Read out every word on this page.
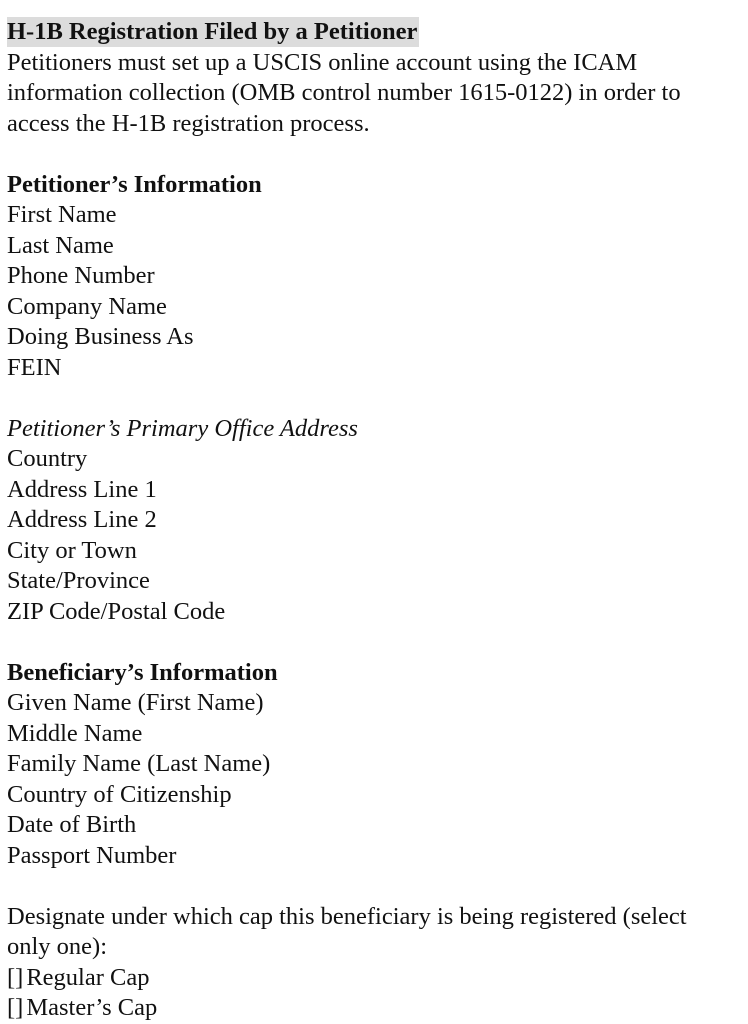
H-1B Registration Filed by a Petitioner
Petitioners must set up a USCIS online account using the ICAM
information collection (OMB control number 1615-0122) in order to
access the H-1B registration process.
Petitioner’s Information
First Name
Last Name
Phone Number
Company Name
Doing Business As
FEIN
Petitioner’s Primary Office Address
Country
Address Line 1
Address Line 2
City or Town
State/Province
ZIP Code/Postal Code
Beneficiary’s Information
Given Name (First Name)
Middle Name
Family Name (Last Name)
Country of Citizenship
Date of Birth
Passport Number
Designate under which cap this beneficiary is being registered (select
only one):
[] Regular Cap
[] Master’s Cap
